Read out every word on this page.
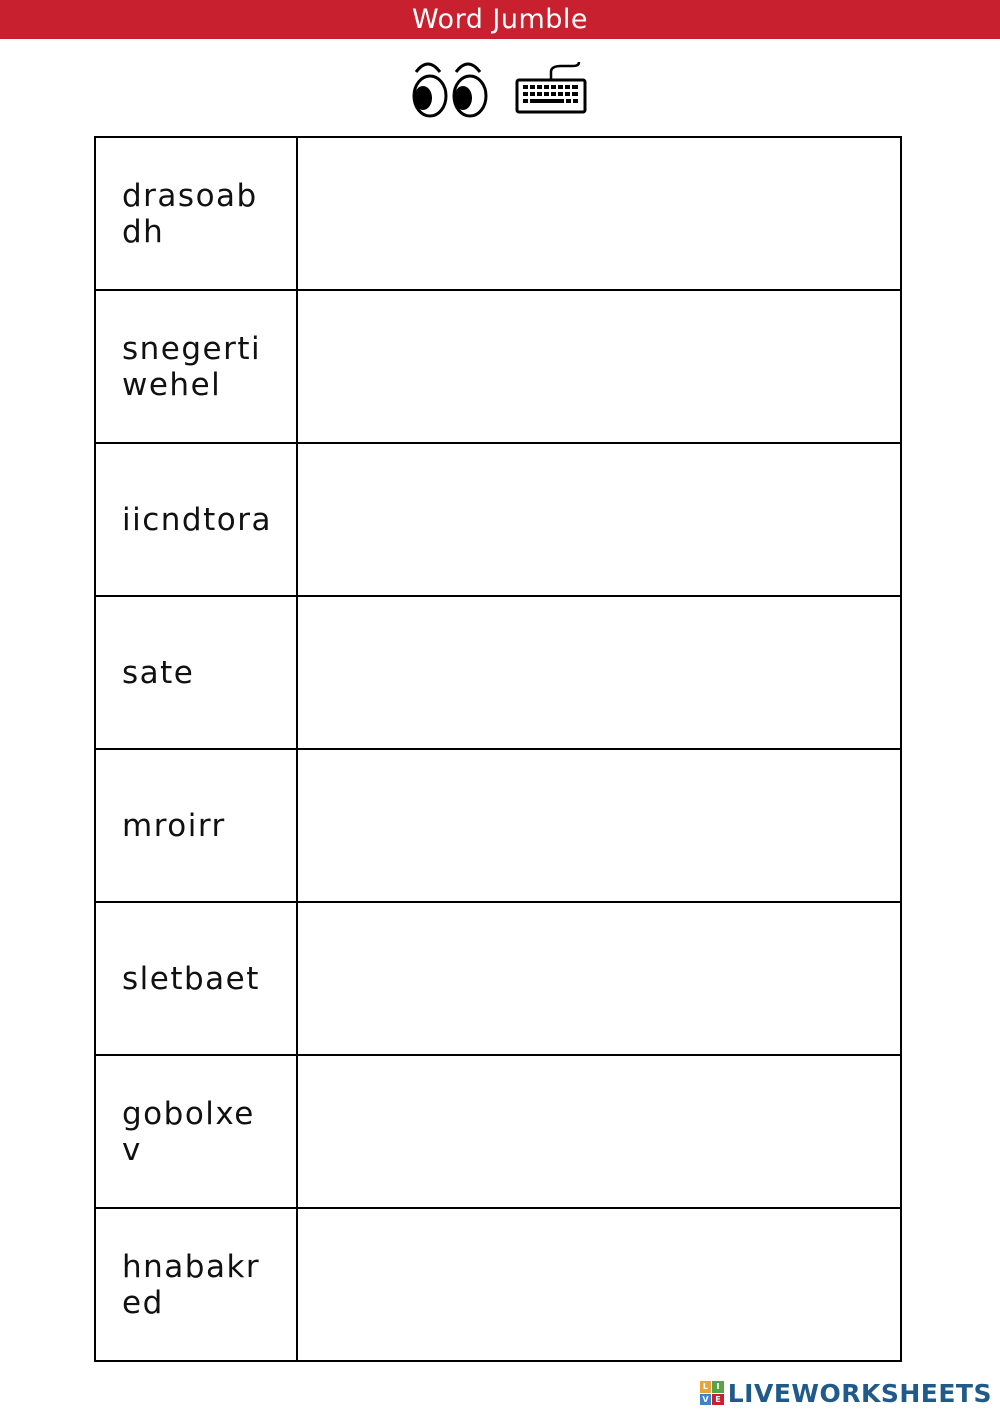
Word Jumble
drasoabdh

snegertiwehel

iicndtora

sate

mroirr

sletbaet

gobolxev

hnabakred

L	I
V E LIVEWORKSHEETS
